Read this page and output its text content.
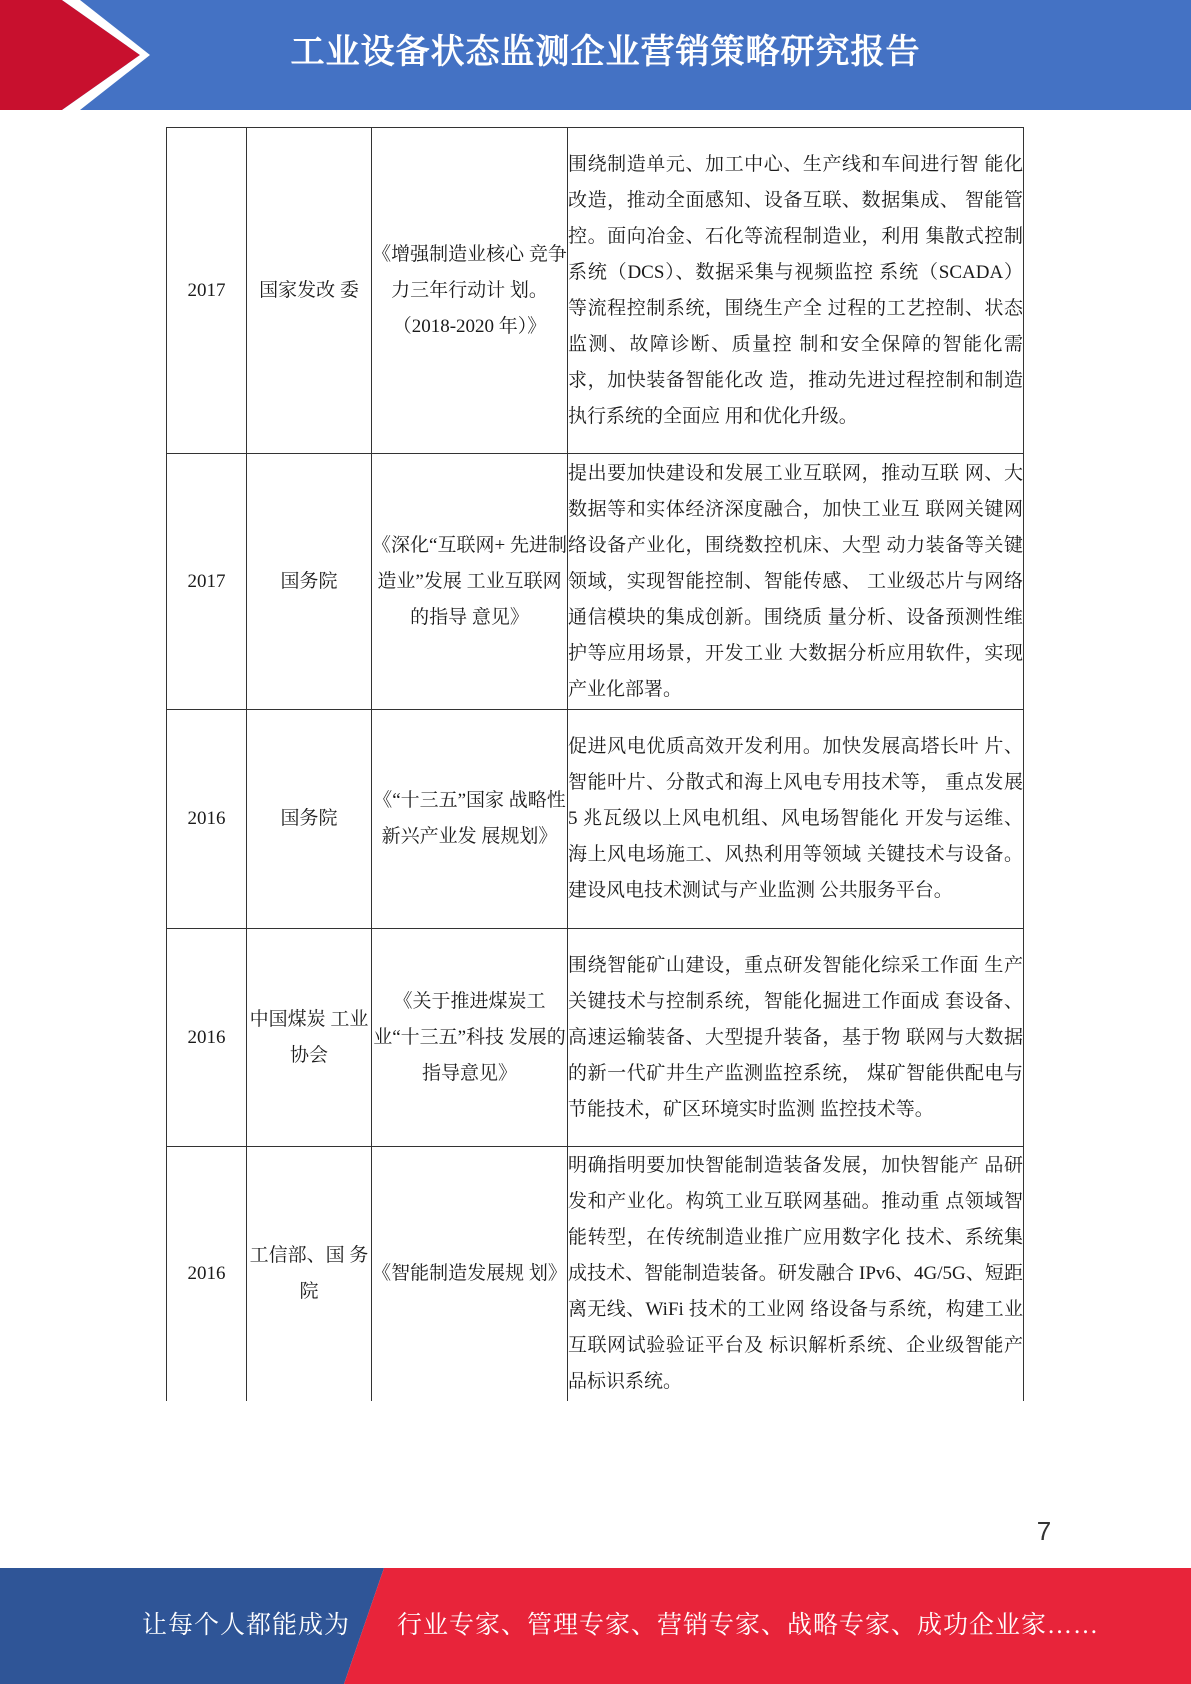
工业设备状态监测企业营销策略研究报告
2017	国家发改 委	《增强制造业核心 竞争力三年行动计 划。（2018-2020 年）》	围绕制造单元、加工中心、生产线和车间进行智 能化改造，推动全面感知、设备互联、数据集成、 智能管控。面向冶金、石化等流程制造业，利用 集散式控制系统（DCS）、数据采集与视频监控 系统（SCADA）等流程控制系统，围绕生产全 过程的工艺控制、状态监测、故障诊断、质量控 制和安全保障的智能化需求，加快装备智能化改 造，推动先进过程控制和制造执行系统的全面应 用和优化升级。
2017	国务院	《深化“互联网+ 先进制造业”发展 工业互联网的指导 意见》	提出要加快建设和发展工业互联网，推动互联 网、大数据等和实体经济深度融合，加快工业互 联网关键网络设备产业化，围绕数控机床、大型 动力装备等关键领域，实现智能控制、智能传感、 工业级芯片与网络通信模块的集成创新。围绕质 量分析、设备预测性维护等应用场景，开发工业 大数据分析应用软件，实现产业化部署。
2016	国务院	《“十三五”国家 战略性新兴产业发 展规划》	促进风电优质高效开发利用。加快发展高塔长叶 片、智能叶片、分散式和海上风电专用技术等， 重点发展 5 兆瓦级以上风电机组、风电场智能化 开发与运维、海上风电场施工、风热利用等领域 关键技术与设备。建设风电技术测试与产业监测 公共服务平台。
2016	中国煤炭 工业协会	《关于推进煤炭工 业“十三五”科技 发展的指导意见》	围绕智能矿山建设，重点研发智能化综采工作面 生产关键技术与控制系统，智能化掘进工作面成 套设备、高速运输装备、大型提升装备，基于物 联网与大数据的新一代矿井生产监测监控系统， 煤矿智能供配电与节能技术，矿区环境实时监测 监控技术等。
2016	工信部、国 务院	《智能制造发展规 划》	明确指明要加快智能制造装备发展，加快智能产 品研发和产业化。构筑工业互联网基础。推动重 点领域智能转型，在传统制造业推广应用数字化 技术、系统集成技术、智能制造装备。研发融合 IPv6、4G/5G、短距离无线、WiFi 技术的工业网 络设备与系统，构建工业互联网试验验证平台及 标识解析系统、企业级智能产品标识系统。
7
让每个人都能成为 行业专家、管理专家、营销专家、战略专家、成功企业家……
